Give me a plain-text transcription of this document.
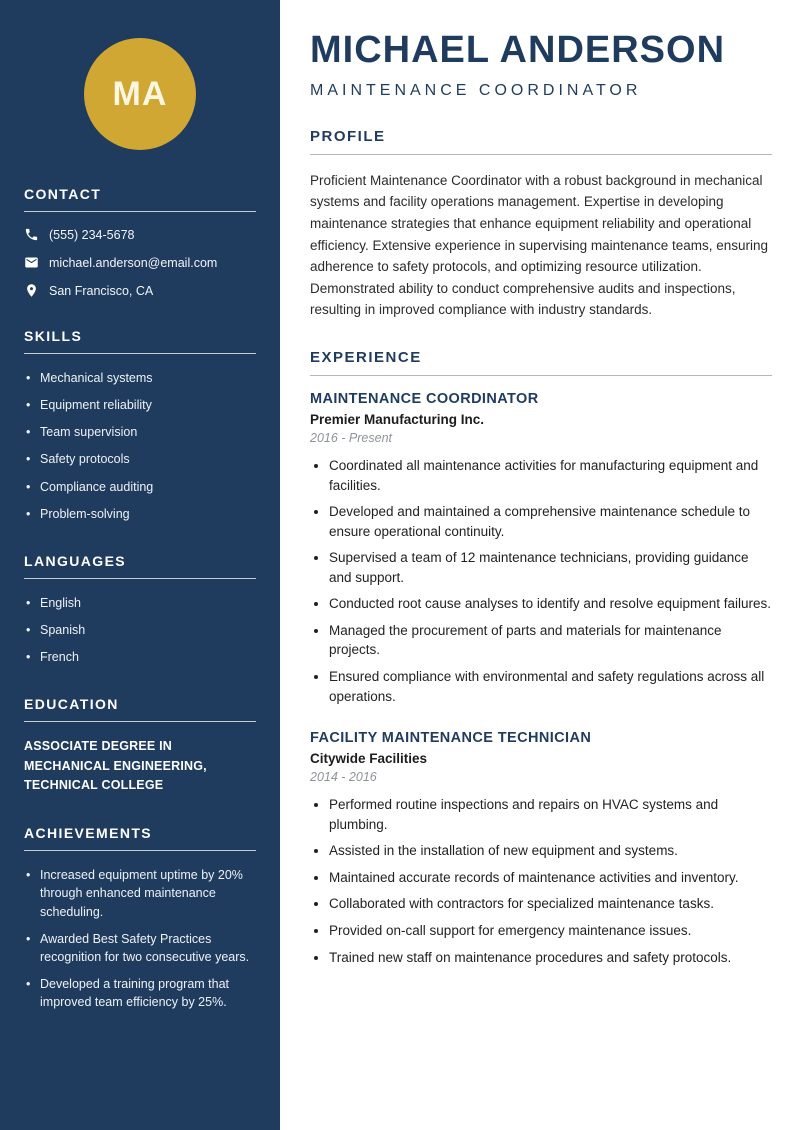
MA
CONTACT
(555) 234-5678
michael.anderson@email.com
San Francisco, CA
SKILLS
• Mechanical systems
• Equipment reliability
• Team supervision
• Safety protocols
• Compliance auditing
• Problem-solving
LANGUAGES
• English
• Spanish
• French
EDUCATION
ASSOCIATE DEGREE IN MECHANICAL ENGINEERING, TECHNICAL COLLEGE
ACHIEVEMENTS
• Increased equipment uptime by 20% through enhanced maintenance scheduling.
• Awarded Best Safety Practices recognition for two consecutive years.
• Developed a training program that improved team efficiency by 25%.
MICHAEL ANDERSON
MAINTENANCE COORDINATOR
PROFILE

Proficient Maintenance Coordinator with a robust background in mechanical systems and facility operations management. Expertise in developing maintenance strategies that enhance equipment reliability and operational efficiency. Extensive experience in supervising maintenance teams, ensuring adherence to safety protocols, and optimizing resource utilization. Demonstrated ability to conduct comprehensive audits and inspections, resulting in improved compliance with industry standards.

EXPERIENCE
MAINTENANCE COORDINATOR
Premier Manufacturing Inc.
2016 - Present
• Coordinated all maintenance activities for manufacturing equipment and facilities.
• Developed and maintained a comprehensive maintenance schedule to ensure operational continuity.
• Supervised a team of 12 maintenance technicians, providing guidance and support.
• Conducted root cause analyses to identify and resolve equipment failures.
• Managed the procurement of parts and materials for maintenance projects.
• Ensured compliance with environmental and safety regulations across all operations.
FACILITY MAINTENANCE TECHNICIAN
Citywide Facilities
2014 - 2016
• Performed routine inspections and repairs on HVAC systems and plumbing.
• Assisted in the installation of new equipment and systems.
• Maintained accurate records of maintenance activities and inventory.
• Collaborated with contractors for specialized maintenance tasks.
• Provided on-call support for emergency maintenance issues.
• Trained new staff on maintenance procedures and safety protocols.
